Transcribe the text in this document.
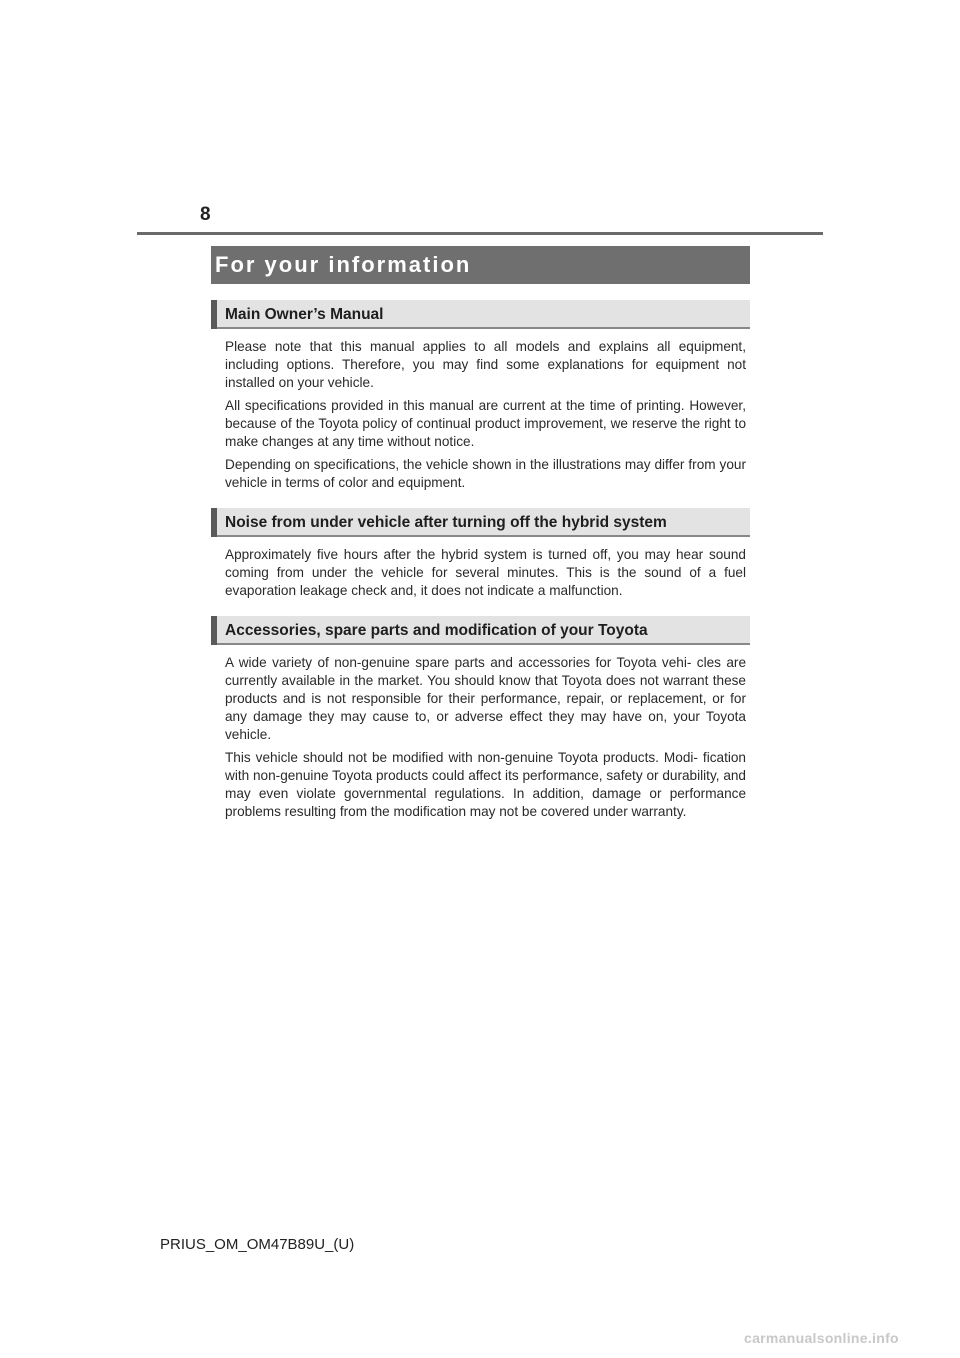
8
For your information
Main Owner’s Manual

Please note that this manual applies to all models and explains all equipment, including options. Therefore, you may find some explanations for equipment not installed on your vehicle.

All specifications provided in this manual are current at the time of printing. However, because of the Toyota policy of continual product improvement, we reserve the right to make changes at any time without notice.

Depending on specifications, the vehicle shown in the illustrations may differ from your vehicle in terms of color and equipment.

Noise from under vehicle after turning off the hybrid system

Approximately five hours after the hybrid system is turned off, you may hear sound coming from under the vehicle for several minutes. This is the sound of a fuel evaporation leakage check and, it does not indicate a malfunction.

Accessories, spare parts and modification of your Toyota

A wide variety of non-genuine spare parts and accessories for Toyota vehi- cles are currently available in the market. You should know that Toyota does not warrant these products and is not responsible for their performance, repair, or replacement, or for any damage they may cause to, or adverse effect they may have on, your Toyota vehicle.

This vehicle should not be modified with non-genuine Toyota products. Modi- fication with non-genuine Toyota products could affect its performance, safety or durability, and may even violate governmental regulations. In addition, damage or performance problems resulting from the modification may not be covered under warranty.

PRIUS_OM_OM47B89U_(U)
carmanualsonline.info
